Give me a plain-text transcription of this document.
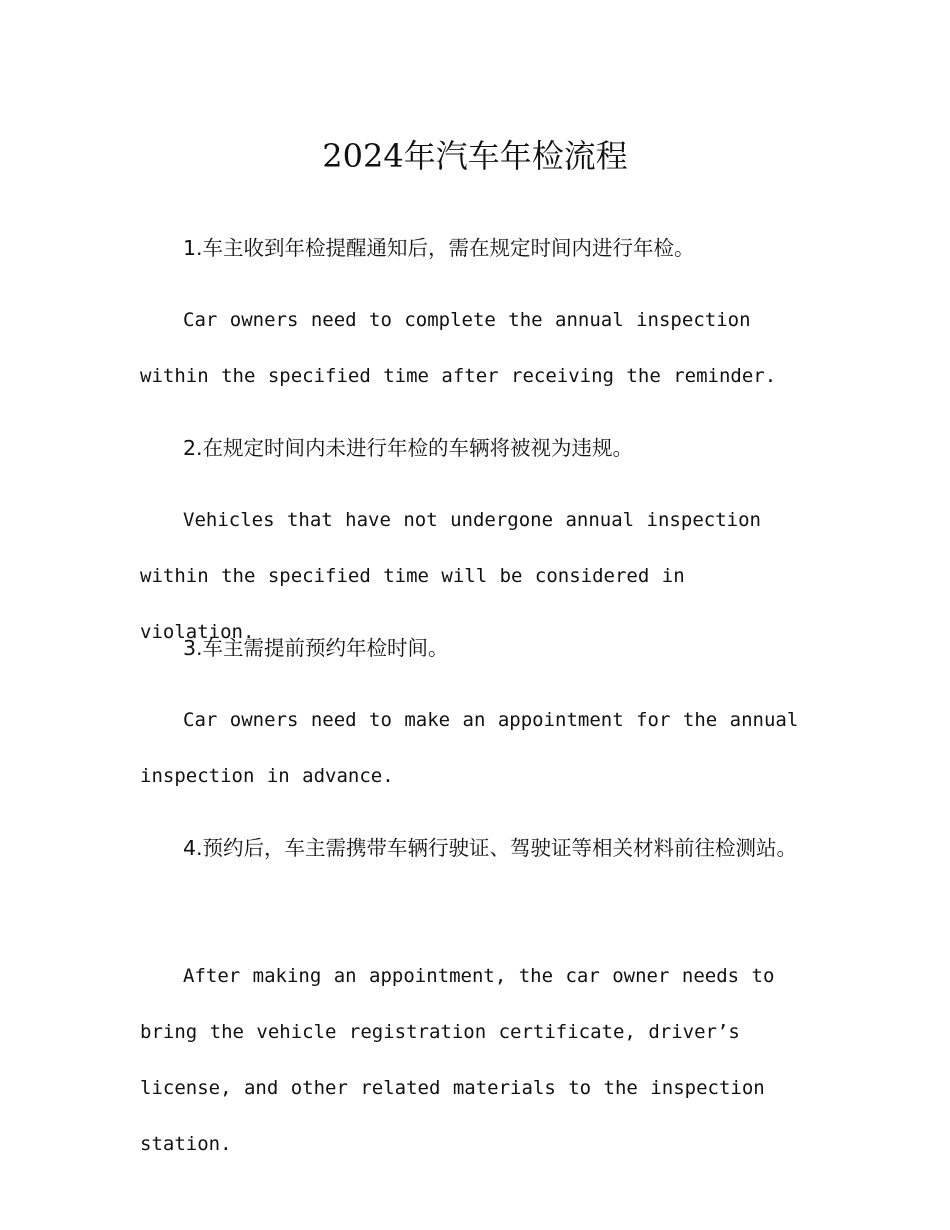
2024年汽车年检流程

1.车主收到年检提醒通知后，需在规定时间内进行年检。

Car owners need to complete the annual inspection within the specified time after receiving the reminder.

2.在规定时间内未进行年检的车辆将被视为违规。

Vehicles that have not undergone annual inspection within the specified time will be considered in violation.

3.车主需提前预约年检时间。

Car owners need to make an appointment for the annual inspection in advance.

4.预约后，车主需携带车辆行驶证、驾驶证等相关材料前往检测站。

After making an appointment, the car owner needs to bring the vehicle registration certificate, driver’s license, and other related materials to the inspection station.
